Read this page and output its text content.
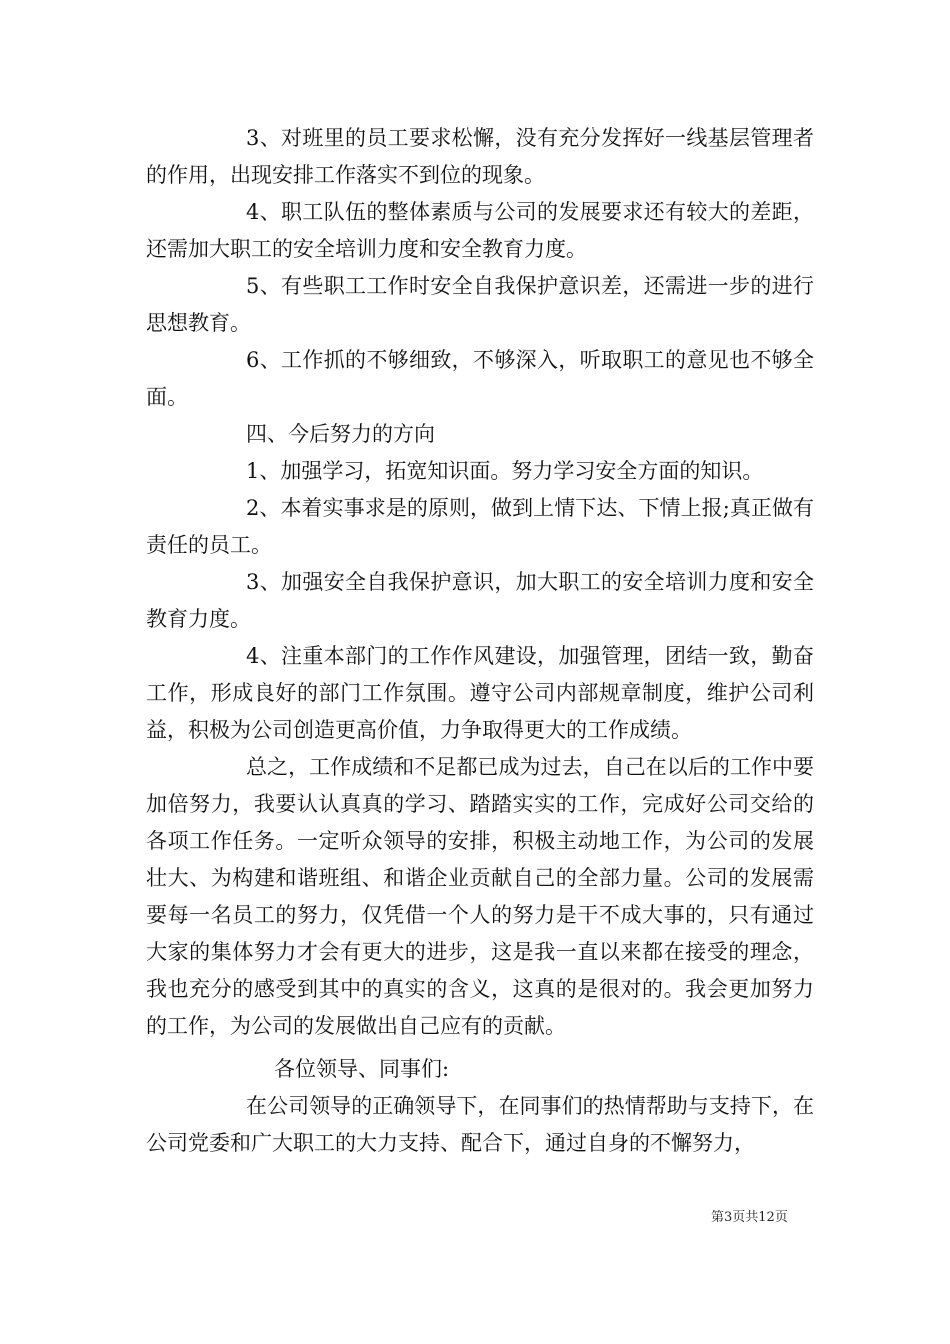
3、对班里的员工要求松懈，没有充分发挥好一线基层管理者的作用，出现安排工作落实不到位的现象。

4、职工队伍的整体素质与公司的发展要求还有较大的差距，还需加大职工的安全培训力度和安全教育力度。

5、有些职工工作时安全自我保护意识差，还需进一步的进行思想教育。

6、工作抓的不够细致，不够深入，听取职工的意见也不够全面。

四、今后努力的方向

1、加强学习，拓宽知识面。努力学习安全方面的知识。

2、本着实事求是的原则，做到上情下达、下情上报;真正做有责任的员工。

3、加强安全自我保护意识，加大职工的安全培训力度和安全教育力度。

4、注重本部门的工作作风建设，加强管理，团结一致，勤奋工作，形成良好的部门工作氛围。遵守公司内部规章制度，维护公司利益，积极为公司创造更高价值，力争取得更大的工作成绩。

总之，工作成绩和不足都已成为过去，自己在以后的工作中要加倍努力，我要认认真真的学习、踏踏实实的工作，完成好公司交给的各项工作任务。一定听众领导的安排，积极主动地工作，为公司的发展壮大、为构建和谐班组、和谐企业贡献自己的全部力量。公司的发展需要每一名员工的努力，仅凭借一个人的努力是干不成大事的，只有通过大家的集体努力才会有更大的进步，这是我一直以来都在接受的理念，我也充分的感受到其中的真实的含义，这真的是很对的。我会更加努力的工作，为公司的发展做出自己应有的贡献。

各位领导、同事们:

在公司领导的正确领导下，在同事们的热情帮助与支持下，在公司党委和广大职工的大力支持、配合下，通过自身的不懈努力，

第3页共12页
